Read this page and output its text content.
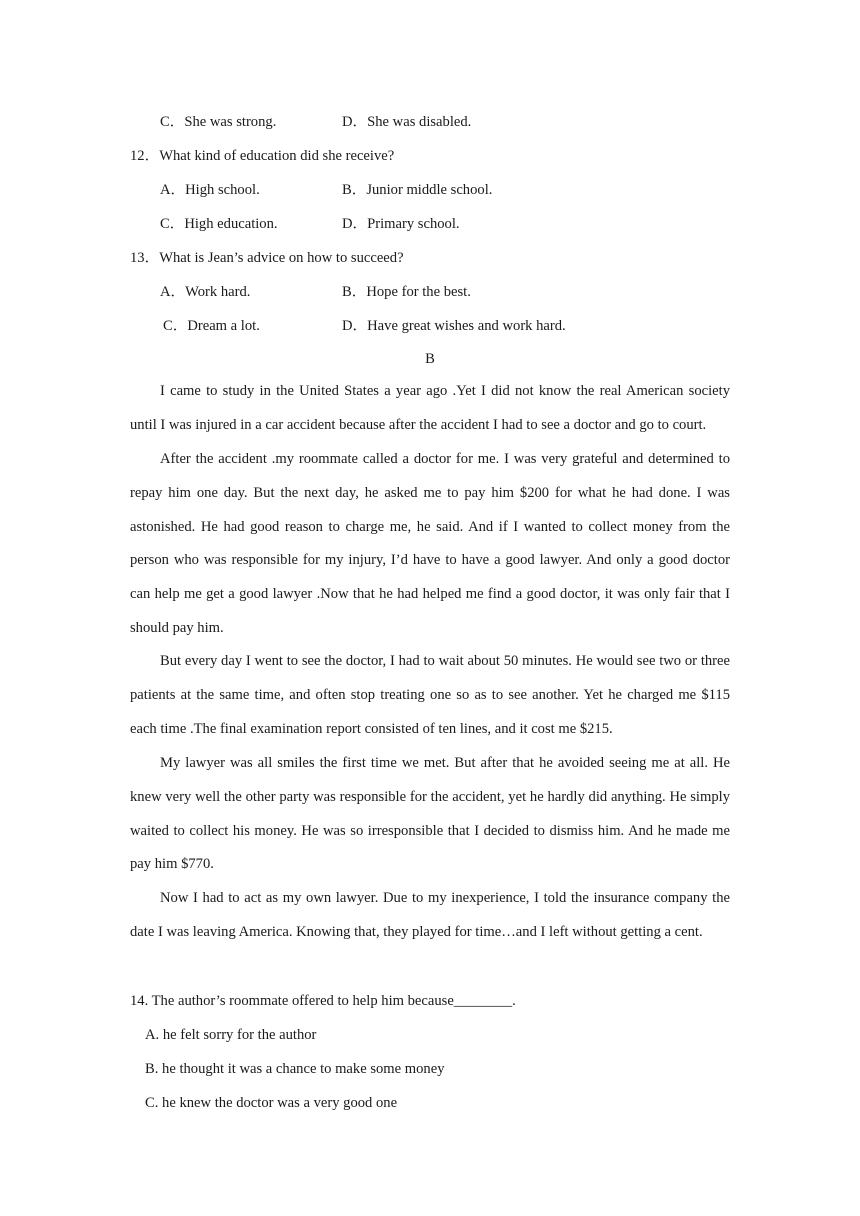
C．She was strong.	D．She was disabled.
12．What kind of education did she receive?
A．High school.	B．Junior middle school.
C．High education.	D．Primary school.
13．What is Jean’s advice on how to succeed?
A．Work hard.	B．Hope for the best.
C．Dream a lot.	D．Have great wishes and work hard.
B
I came to study in the United States a year ago .Yet I did not know the real American society until I was injured in a car accident because after the accident I had to see a doctor and go to court.
After the accident .my roommate called a doctor for me. I was very grateful and determined to repay him one day. But the next day, he asked me to pay him $200 for what he had done. I was astonished. He had good reason to charge me, he said. And if I wanted to collect money from the person who was responsible for my injury, I’d have to have a good lawyer. And only a good doctor can help me get a good lawyer .Now that he had helped me find a good doctor, it was only fair that I should pay him.
But every day I went to see the doctor, I had to wait about 50 minutes. He would see two or three patients at the same time, and often stop treating one so as to see another. Yet he charged me $115 each time .The final examination report consisted of ten lines, and it cost me $215.
My lawyer was all smiles the first time we met. But after that he avoided seeing me at all. He knew very well the other party was responsible for the accident, yet he hardly did anything. He simply waited to collect his money. He was so irresponsible that I decided to dismiss him. And he made me pay him $770.
Now I had to act as my own lawyer. Due to my inexperience, I told the insurance company the date I was leaving America. Knowing that, they played for time…and I left without getting a cent.
14. The author’s roommate offered to help him because________.
A. he felt sorry for the author
B. he thought it was a chance to make some money
C. he knew the doctor was a very good one
